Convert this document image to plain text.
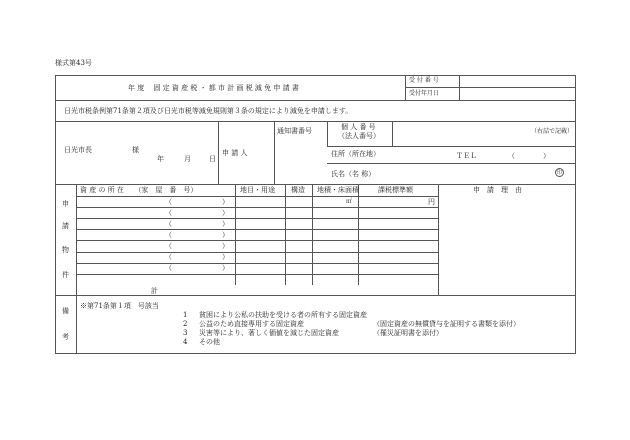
様式第43号
年 度　 固 定 資 産 税 ・ 都 市 計 画 税 減 免 申 請 書
受 付 番 号
受付年月日
日光市税条例第71条第２項及び日光市税等減免規則第３条の規定により減免を申請します。
日光市長	様
年	月	日
申 請 人
通知書番号	個 人 番 号
（法人番号）
（右詰で記載）
住所（所在地）	ＴＥＬ	（　　　　）
氏名（名 称）	印
資 産 の 所 在　　（家　屋　番　号）	地目・用途 構造 地積・床面積	課税標準額	申　請　理　由
申
請
物
件
（	）
（	）
（	）
（	）
（	）
（	）
（	）
㎡	円
計
備
考
※第71条第１項　号該当
1 貧困により公私の扶助を受ける者の所有する固定資産
2 公益のため直接専用する固定資産	（固定資産の無償貸与を証明する書類を添付）
3 災害等により、著しく価値を減じた固定資産	（罹災証明書を添付）
4 その他
